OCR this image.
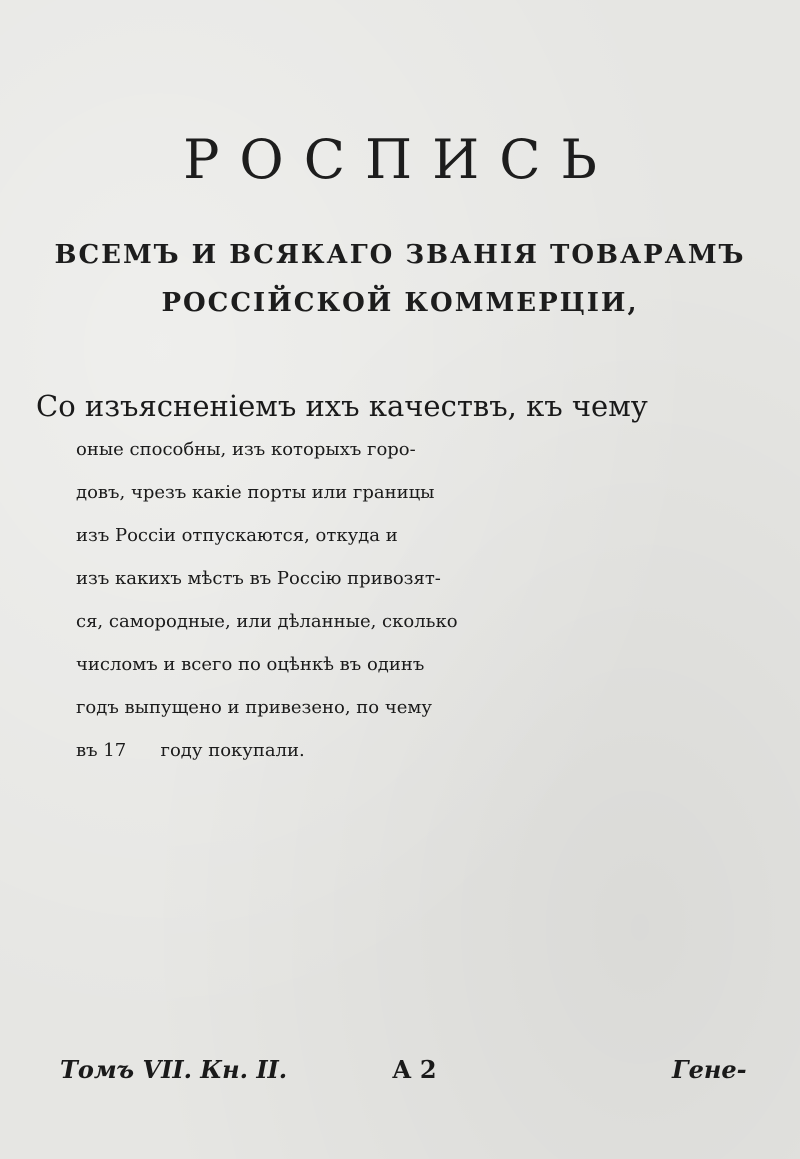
РОСПИСЬ
ВСЕМЪ И ВСЯКАГО ЗВАНІЯ ТОВАРАМЪ
РОССІЙСКОЙ КОММЕРЦІИ,
Со изъясненіемъ ихъ качествъ, къ чему
оные способны, изъ которыхъ горо-
довъ, чрезъ какіе порты или границы
изъ Россіи отпускаются, откуда и
изъ какихъ мѣстъ въ Россію привозят-
ся, самородные, или дѣланные, сколько
числомъ и всего по оцѣнкѣ въ одинъ
годъ выпущено и привезено, по чему
въ 17      году покупали.
Томъ VII. Кн. II.	А 2	Гене-
